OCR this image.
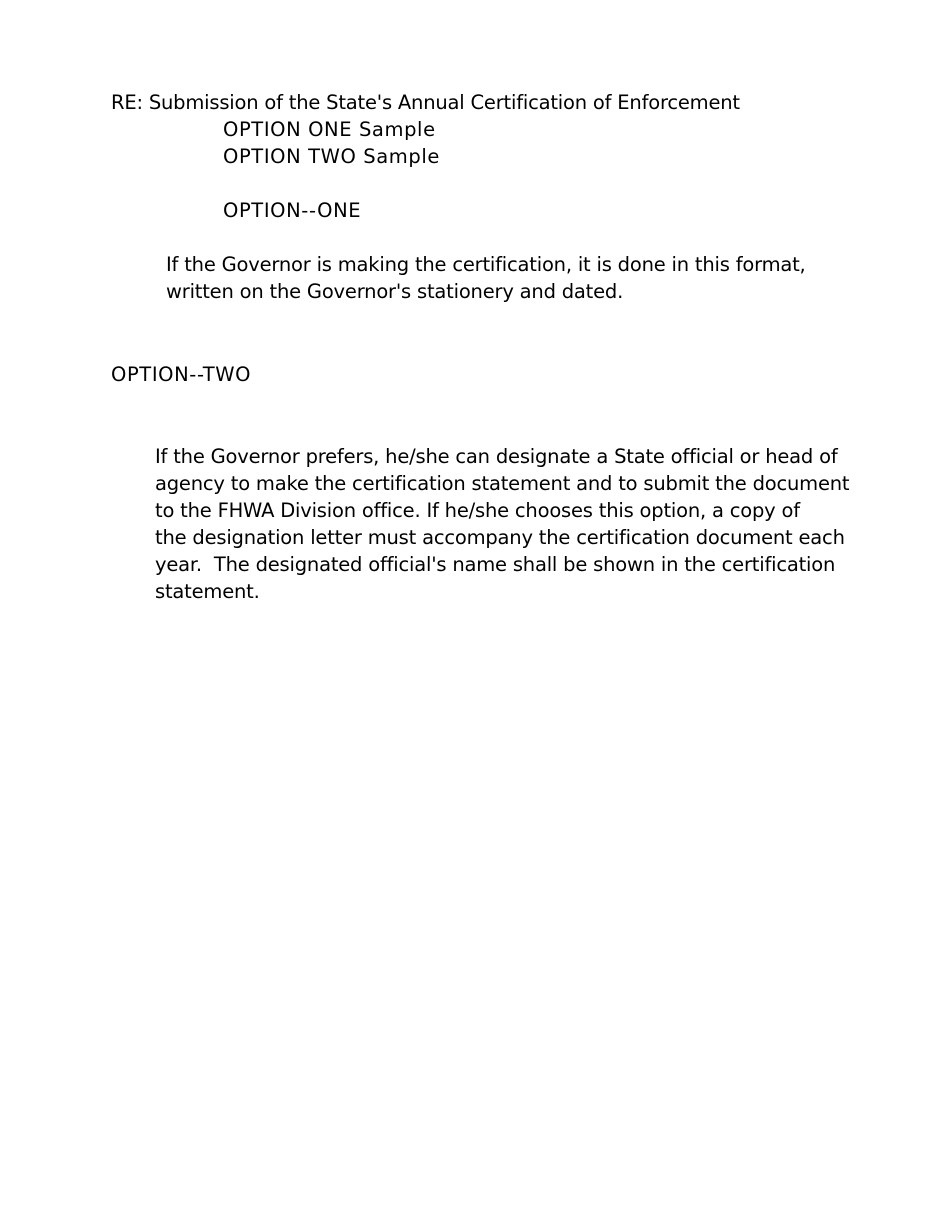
RE: Submission of the State's Annual Certification of Enforcement
OPTION ONE Sample
OPTION TWO Sample
OPTION--ONE
If the Governor is making the certification, it is done in this format,
written on the Governor's stationery and dated.
OPTION--TWO
If the Governor prefers, he/she can designate a State official or head of
agency to make the certification statement and to submit the document
to the FHWA Division office. If he/she chooses this option, a copy of
the designation letter must accompany the certification document each
year.  The designated official's name shall be shown in the certification
statement.
